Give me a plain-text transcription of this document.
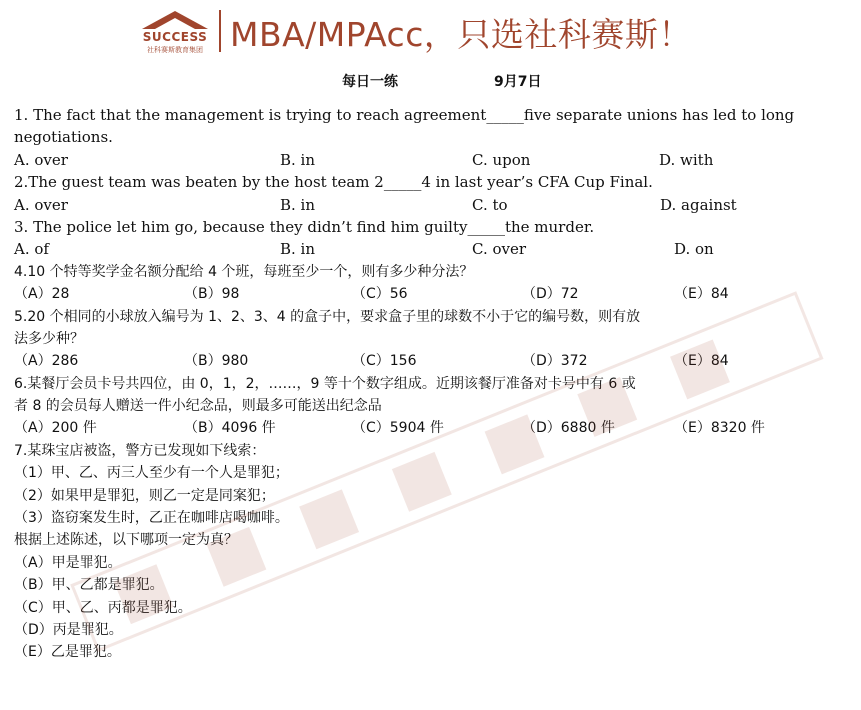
SUCCESS
社科赛斯教育集团 MBA/MPAcc，只选社科赛斯！
每日一练	9月7日
1. The fact that the management is trying to reach agreement_____five separate unions has led to long
negotiations.
A. over	B. in	C. upon	D. with
2.The guest team was beaten by the host team 2_____4 in last year’s CFA Cup Final.
A. over	B. in	C. to	D. against
3. The police let him go, because they didn’t find him guilty_____the murder.
A. of	B. in	C. over	D. on
4.10 个特等奖学金名额分配给 4 个班，每班至少一个，则有多少种分法？
（A）28	（B）98	（C）56	（D）72	（E）84
5.20 个相同的小球放入编号为 1、2、3、4 的盒子中，要求盒子里的球数不小于它的编号数，则有放
法多少种？
（A）286	（B）980	（C）156	（D）372	（E）84
6.某餐厅会员卡号共四位，由 0，1，2，……，9 等十个数字组成。近期该餐厅准备对卡号中有 6 或
者 8 的会员每人赠送一件小纪念品，则最多可能送出纪念品
（A）200 件	（B）4096 件	（C）5904 件	（D）6880 件	（E）8320 件
7.某珠宝店被盗，警方已发现如下线索：
（1）甲、乙、丙三人至少有一个人是罪犯；
（2）如果甲是罪犯，则乙一定是同案犯；
（3）盗窃案发生时，乙正在咖啡店喝咖啡。
根据上述陈述，以下哪项一定为真？
（A）甲是罪犯。
（B）甲、乙都是罪犯。
（C）甲、乙、丙都是罪犯。
（D）丙是罪犯。
（E）乙是罪犯。
